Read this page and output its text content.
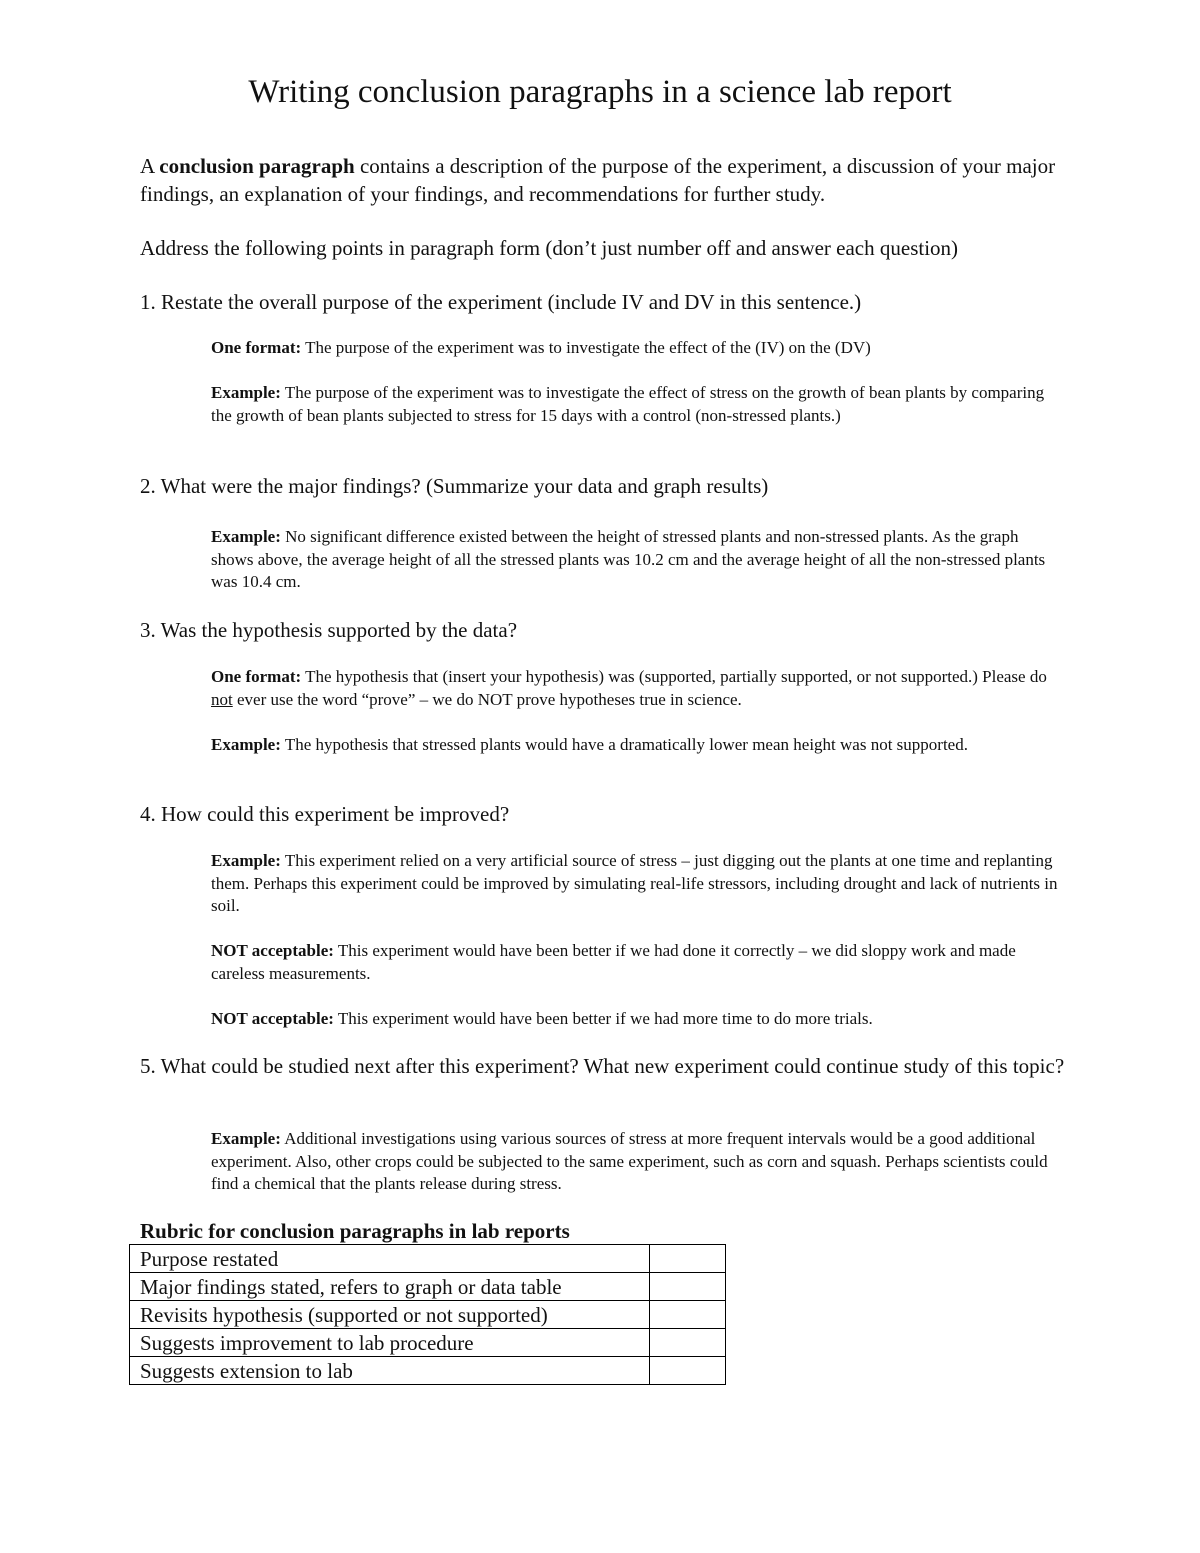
Writing conclusion paragraphs in a science lab report

A conclusion paragraph contains a description of the purpose of the experiment, a discussion of your major findings, an explanation of your findings, and recommendations for further study.

Address the following points in paragraph form (don’t just number off and answer each question)

1. Restate the overall purpose of the experiment (include IV and DV in this sentence.)

One format: The purpose of the experiment was to investigate the effect of the (IV) on the (DV)

Example: The purpose of the experiment was to investigate the effect of stress on the growth of bean plants by comparing the growth of bean plants subjected to stress for 15 days with a control (non-stressed plants.)

2. What were the major findings? (Summarize your data and graph results)

Example: No significant difference existed between the height of stressed plants and non-stressed plants. As the graph shows above, the average height of all the stressed plants was 10.2 cm and the average height of all the non-stressed plants was 10.4 cm.

3. Was the hypothesis supported by the data?

One format: The hypothesis that (insert your hypothesis) was (supported, partially supported, or not supported.) Please do not ever use the word “prove” – we do NOT prove hypotheses true in science.

Example: The hypothesis that stressed plants would have a dramatically lower mean height was not supported.

4. How could this experiment be improved?

Example: This experiment relied on a very artificial source of stress – just digging out the plants at one time and replanting them. Perhaps this experiment could be improved by simulating real-life stressors, including drought and lack of nutrients in soil.

NOT acceptable: This experiment would have been better if we had done it correctly – we did sloppy work and made careless measurements.

NOT acceptable: This experiment would have been better if we had more time to do more trials.

5. What could be studied next after this experiment? What new experiment could continue study of this topic?

Example: Additional investigations using various sources of stress at more frequent intervals would be a good additional experiment. Also, other crops could be subjected to the same experiment, such as corn and squash. Perhaps scientists could find a chemical that the plants release during stress.

Rubric for conclusion paragraphs in lab reports

Purpose restated	
Major findings stated, refers to graph or data table	
Revisits hypothesis (supported or not supported)	
Suggests improvement to lab procedure	
Suggests extension to lab	
